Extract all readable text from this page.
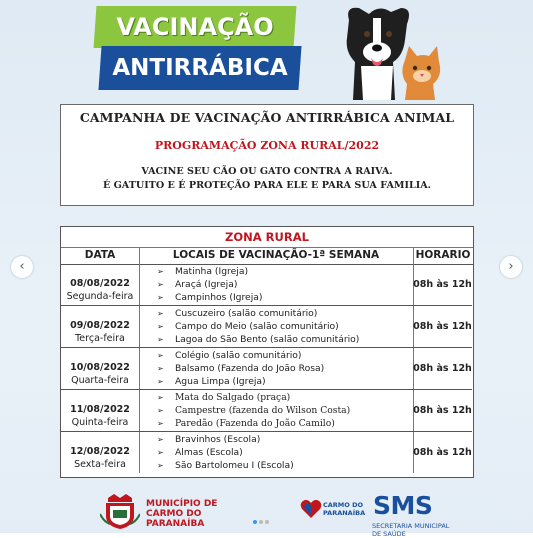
VACINAÇÃO
ANTIRRÁBICA
CAMPANHA DE VACINAÇÃO ANTIRRÁBICA ANIMAL
PROGRAMAÇÃO ZONA RURAL/2022
VACINE SEU CÃO OU GATO CONTRA A RAIVA.
É GATUITO E É PROTEÇÃO PARA ELE E PARA SUA FAMILIA.
ZONA RURAL
DATA	LOCAIS DE VACINAÇÃO-1ª SEMANA	HORARIO
08/08/2022
Segunda-feira
➢ Matinha (Igreja)
➢ Araçá (Igreja)
➢ Campinhos (Igreja)
08h às 12h
09/08/2022
Terça-feira
➢ Cuscuzeiro (salão comunitário)
➢ Campo do Meio (salão comunitário)
➢ Lagoa do São Bento (salão comunitário)
08h às 12h
10/08/2022
Quarta-feira
➢ Colégio (salão comunitário)
➢ Balsamo (Fazenda do João Rosa)
➢ Agua Limpa (Igreja)
08h às 12h
11/08/2022
Quinta-feira
➢ Mata do Salgado (praça)
➢ Campestre (fazenda do Wilson Costa)
➢ Paredão (Fazenda do João Camilo)
08h às 12h
12/08/2022
Sexta-feira
➢ Bravinhos (Escola)
➢ Almas (Escola)
➢ São Bartolomeu I (Escola)
08h às 12h
MUNICÍPIO DE
CARMO DO
PARANAÍBA
CARMO DO
PARANAÍBA SMS
SECRETARIA MUNICIPAL DE SAÚDE
‹	›
